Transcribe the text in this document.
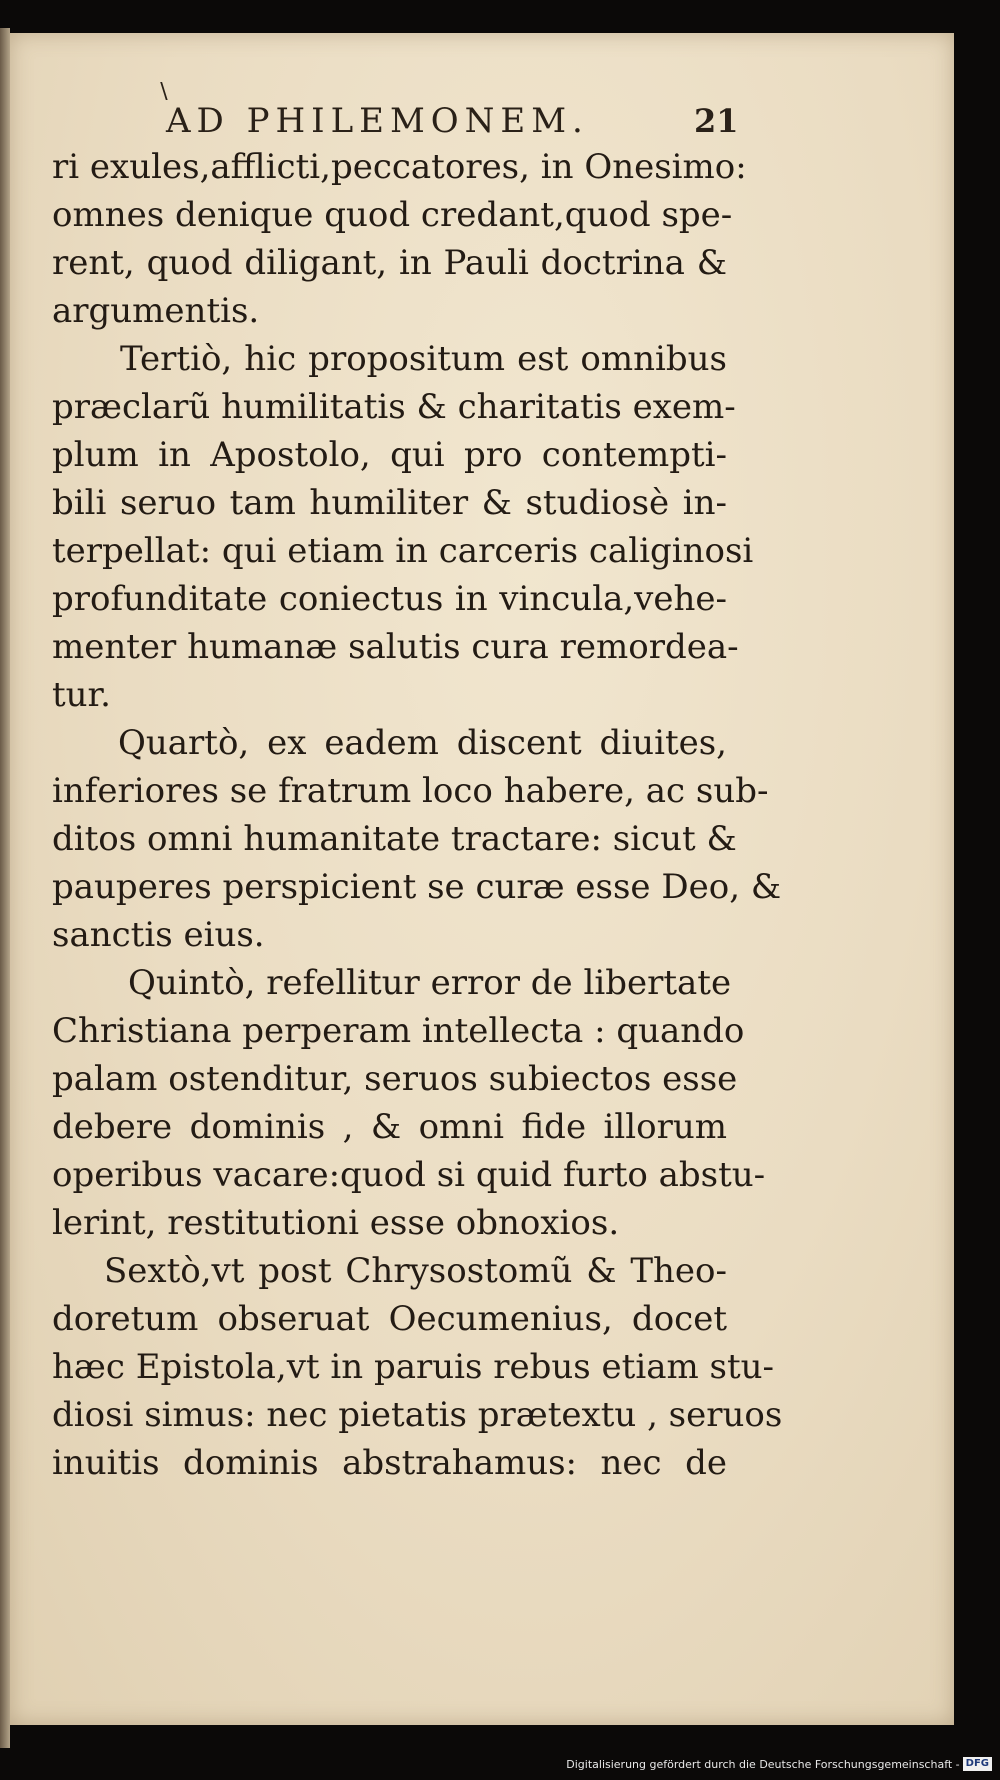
∖
AD PHILEMONEM.	21
ri exules,afflicti,peccatores, in Onesimo:
omnes denique quod credant,quod spe-
rent, quod diligant, in Pauli doctrina &
argumentis.
Tertiò, hic propositum est omnibus
præclarũ humilitatis & charitatis exem-
plum in Apostolo, qui pro contempti-
bili seruo tam humiliter & studiosè in-
terpellat: qui etiam in carceris caliginosi
profunditate coniectus in vincula,vehe-
menter humanæ salutis cura remordea-
tur.
Quartò, ex eadem discent diuites,
inferiores se fratrum loco habere, ac sub-
ditos omni humanitate tractare: sicut &
pauperes perspicient se curæ esse Deo, &
sanctis eius.
Quintò, refellitur error de libertate
Christiana perperam intellecta : quando
palam ostenditur, seruos subiectos esse
debere dominis , & omni fide illorum
operibus vacare:quod si quid furto abstu-
lerint, restitutioni esse obnoxios.
Sextò,vt post Chrysostomũ & Theo-
doretum obseruat Oecumenius, docet
hæc Epistola,vt in paruis rebus etiam stu-
diosi simus: nec pietatis prætextu , seruos
inuitis dominis abstrahamus: nec de
Digitalisierung gefördert durch die Deutsche Forschungsgemeinschaft - DFG
